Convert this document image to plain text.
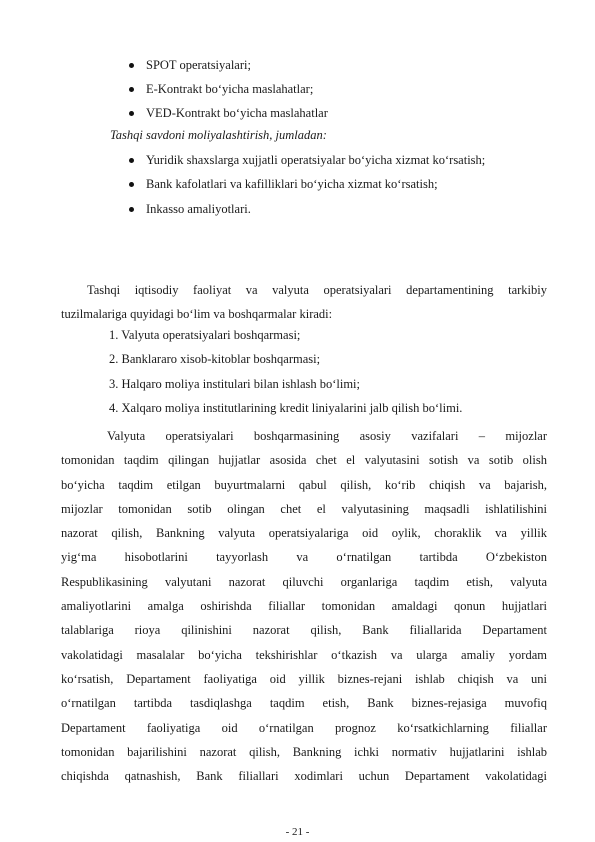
SPOT operatsiyalari;
E-Kontrakt bo‘yicha maslahatlar;
VED-Kontrakt bo‘yicha maslahatlar
Tashqi savdoni moliyalashtirish, jumladan:
Yuridik shaxslarga xujjatli operatsiyalar bo‘yicha xizmat ko‘rsatish;
Bank kafolatlari va kafilliklari bo‘yicha xizmat ko‘rsatish;
Inkasso amaliyotlari.
Tashqi iqtisodiy faoliyat va valyuta operatsiyalari departamentining tarkibiy
tuzilmalariga quyidagi bo‘lim va boshqarmalar kiradi:
1. Valyuta operatsiyalari boshqarmasi;
2. Banklararo xisob-kitoblar boshqarmasi;
3. Halqaro moliya institulari bilan ishlash bo‘limi;
4. Xalqaro moliya institutlarining kredit liniyalarini jalb qilish bo‘limi.
Valyuta operatsiyalari boshqarmasining asosiy vazifalari – mijozlar
tomonidan taqdim qilingan hujjatlar asosida chet el valyutasini sotish va sotib olish
bo‘yicha taqdim etilgan buyurtmalarni qabul qilish, ko‘rib chiqish va bajarish,
mijozlar tomonidan sotib olingan chet el valyutasining maqsadli ishlatilishini
nazorat qilish, Bankning valyuta operatsiyalariga oid oylik, choraklik va yillik
yig‘ma hisobotlarini tayyorlash va o‘rnatilgan tartibda O‘zbekiston
Respublikasining valyutani nazorat qiluvchi organlariga taqdim etish, valyuta
amaliyotlarini amalga oshirishda filiallar tomonidan amaldagi qonun hujjatlari
talablariga rioya qilinishini nazorat qilish, Bank filiallarida Departament
vakolatidagi masalalar bo‘yicha tekshirishlar o‘tkazish va ularga amaliy yordam
ko‘rsatish, Departament faoliyatiga oid yillik biznes-rejani ishlab chiqish va uni
o‘rnatilgan tartibda tasdiqlashga taqdim etish, Bank biznes-rejasiga muvofiq
Departament faoliyatiga oid o‘rnatilgan prognoz ko‘rsatkichlarning filiallar
tomonidan bajarilishini nazorat qilish, Bankning ichki normativ hujjatlarini ishlab
chiqishda qatnashish, Bank filiallari xodimlari uchun Departament vakolatidagi
- 21 -
